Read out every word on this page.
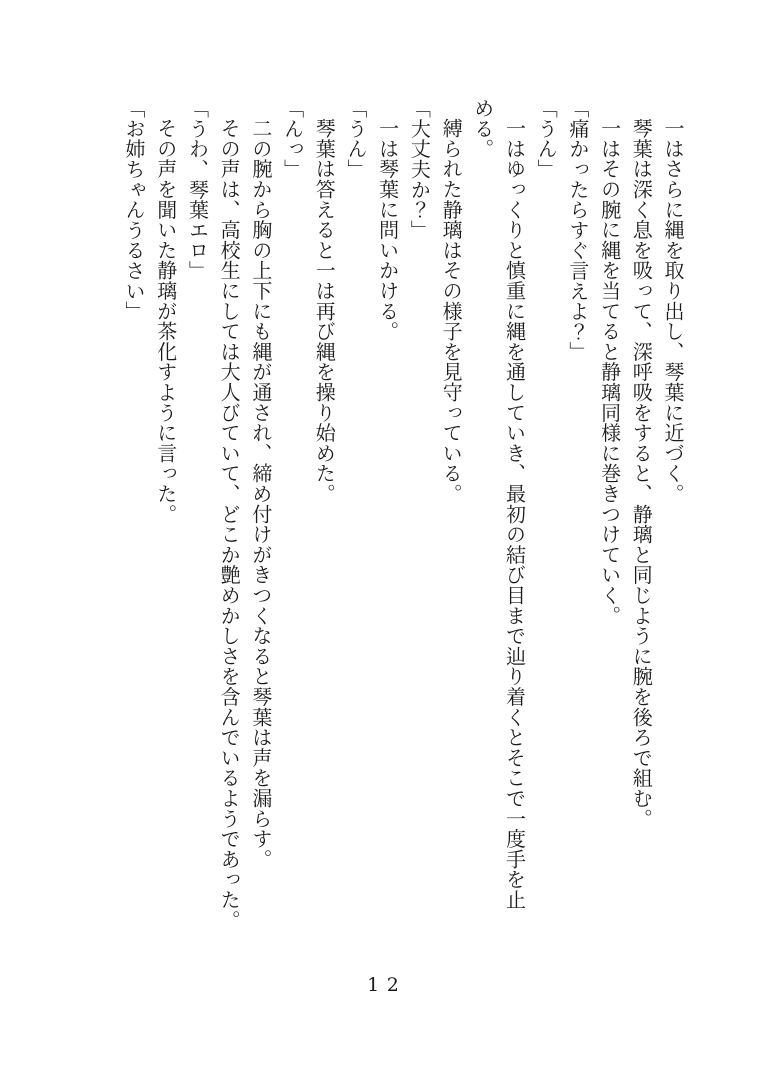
一はさらに縄を取り出し、琴葉に近づく。
琴葉は深く息を吸って、深呼吸をすると、静璃と同じように腕を後ろで組む。
一はその腕に縄を当てると静璃同様に巻きつけていく。
「痛かったらすぐ言えよ？」
「うん」
一はゆっくりと慎重に縄を通していき、最初の結び目まで辿り着くとそこで一度手を止
める。
縛られた静璃はその様子を見守っている。
「大丈夫か？」
一は琴葉に問いかける。
「うん」
琴葉は答えると一は再び縄を操り始めた。
「んっ」
二の腕から胸の上下にも縄が通され、締め付けがきつくなると琴葉は声を漏らす。
その声は、高校生にしては大人びていて、どこか艶めかしさを含んでいるようであった。
「うわ、琴葉エロ」
その声を聞いた静璃が茶化すように言った。
「お姉ちゃんうるさい」
12
